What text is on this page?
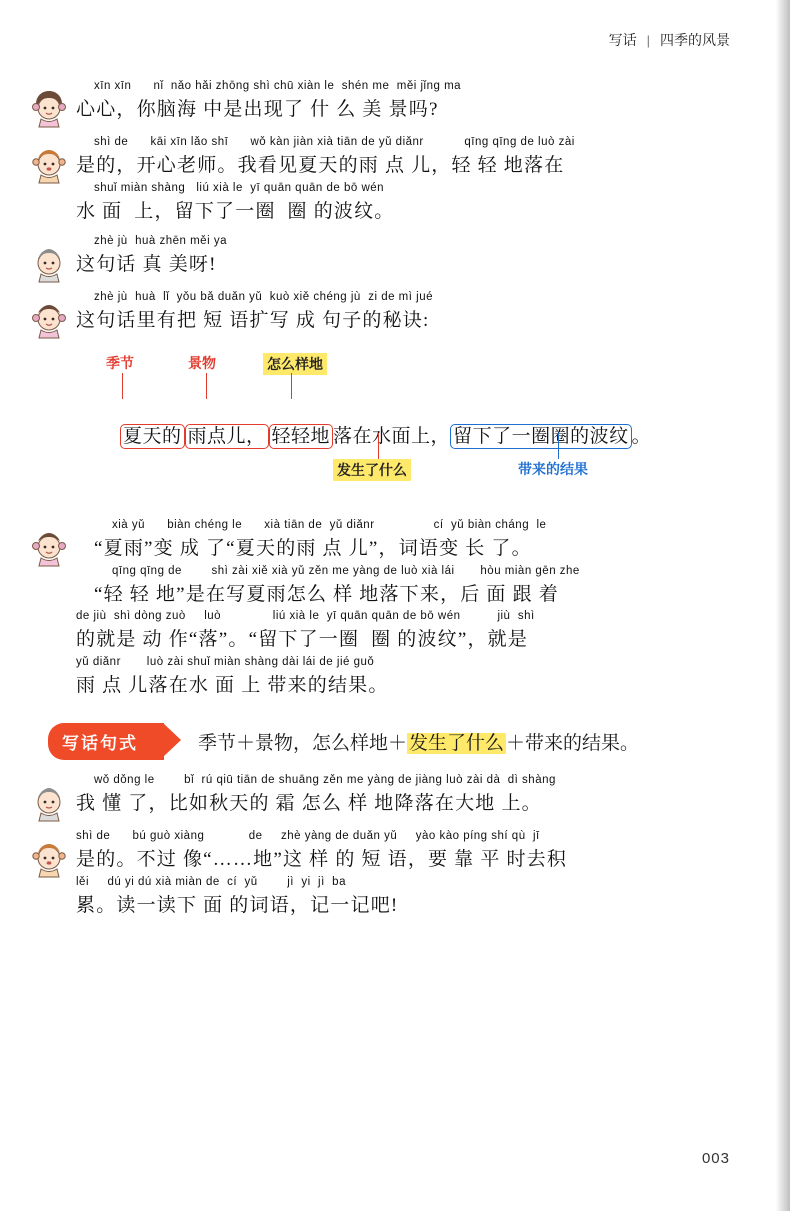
写话 | 四季的风景
xīn xīn      nǐ  nǎo hǎi zhōng shì chū xiàn le  shén me  měi jǐng ma
心心，你脑海 中是出现了 什 么 美 景吗?
shì de      kāi xīn lǎo shī      wǒ kàn jiàn xià tiān de yǔ diǎnr           qīng qīng de luò zài
是的，开心老师。我看见夏天的雨 点 儿，轻 轻 地落在
shuǐ miàn shàng   liú xià le  yī quān quān de bō wén
水 面  上，留下了一圈  圈 的波纹。
zhè jù  huà zhēn měi ya
这句话 真 美呀!
zhè jù  huà  lǐ  yǒu bǎ duǎn yǔ  kuò xiě chéng jù  zi de mì jué
这句话里有把 短 语扩写 成 句子的秘诀:
季节	景物	怎么样地

夏天的 雨点儿， 轻轻地 落在水面上， 留下了一圈圈的波纹 。

发生了什么	带来的结果
xià yǔ      biàn chéng le      xià tiān de  yǔ diǎnr                cí  yǔ biàn cháng  le
“夏雨”变 成 了“夏天的雨 点 儿”，词语变 长 了。
qīng qīng de        shì zài xiě xià yǔ zěn me yàng de luò xià lái       hòu miàn gēn zhe
“轻 轻 地”是在写夏雨怎么 样 地落下来，后 面 跟 着
de jiù  shì dòng zuò     luò              liú xià le  yī quān quān de bō wén          jiù  shì
的就是 动 作“落”。“留下了一圈  圈 的波纹”，就是
yǔ diǎnr       luò zài shuǐ miàn shàng dài lái de jié guǒ
雨 点 儿落在水 面 上 带来的结果。
写话句式	季节＋景物，怎么样地＋ 发生了什么 ＋带来的结果。
wǒ dǒng le        bǐ  rú qiū tiān de shuāng zěn me yàng de jiàng luò zài dà  dì shàng
我 懂 了，比如秋天的 霜 怎么 样 地降落在大地 上。
shì de      bú guò xiàng            de     zhè yàng de duǎn yǔ     yào kào píng shí qù  jī
是的。不过 像“……地”这 样 的 短 语，要 靠 平 时去积
lěi     dú yi dú xià miàn de  cí  yǔ        jì  yi  jì  ba
累。读一读下 面 的词语，记一记吧!
003
